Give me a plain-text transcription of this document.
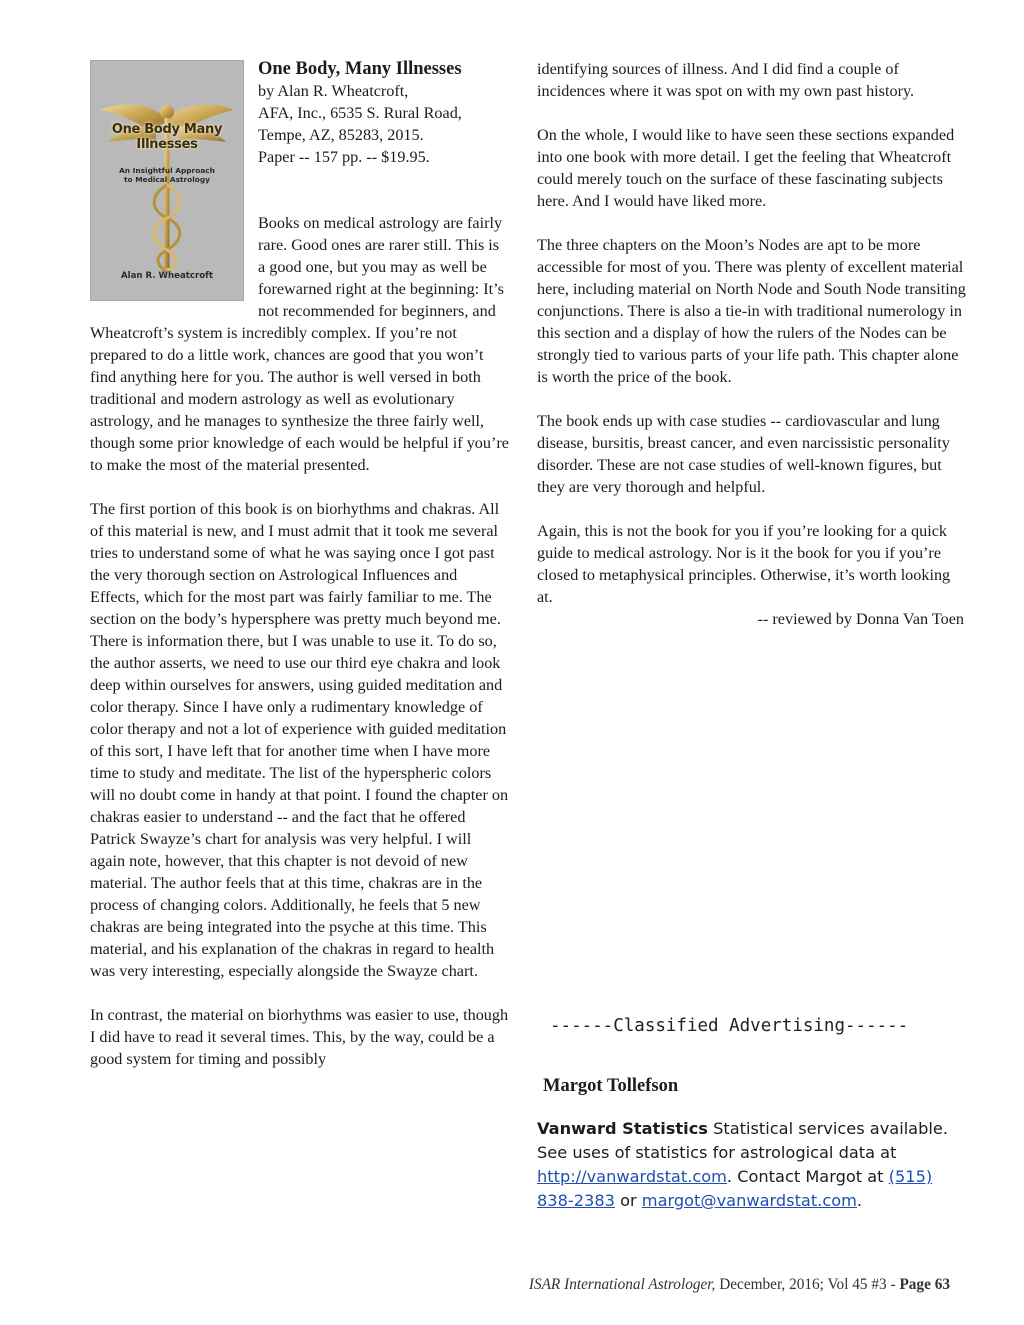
One Body Many
Illnesses
An Insightful Approach
to Medical Astrology
Alan R. Wheatcroft

One Body, Many Illnesses
by Alan R. Wheatcroft,
AFA, Inc., 6535 S. Rural Road,
Tempe, AZ, 85283, 2015.
Paper -- 157 pp. -- $19.95.

Books on medical astrology are fairly rare. Good ones are rarer still. This is a good one, but you may as well be forewarned right at the beginning: It’s not recommended for beginners, and Wheatcroft’s system is incredibly complex. If you’re not prepared to do a little work, chances are good that you won’t find anything here for you. The author is well versed in both traditional and modern astrology as well as evolutionary astrology, and he manages to synthesize the three fairly well, though some prior knowledge of each would be helpful if you’re to make the most of the material presented.

The first portion of this book is on biorhythms and chakras. All of this material is new, and I must admit that it took me several tries to understand some of what he was saying once I got past the very thorough section on Astrological Influences and Effects, which for the most part was fairly familiar to me. The section on the body’s hypersphere was pretty much beyond me. There is information there, but I was unable to use it. To do so, the author asserts, we need to use our third eye chakra and look deep within ourselves for answers, using guided meditation and color therapy. Since I have only a rudimentary knowledge of color therapy and not a lot of experience with guided meditation of this sort, I have left that for another time when I have more time to study and meditate. The list of the hyperspheric colors will no doubt come in handy at that point. I found the chapter on chakras easier to understand -- and the fact that he offered Patrick Swayze’s chart for analysis was very helpful. I will again note, however, that this chapter is not devoid of new material. The author feels that at this time, chakras are in the process of changing colors. Additionally, he feels that 5 new chakras are being integrated into the psyche at this time. This material, and his explanation of the chakras in regard to health was very interesting, especially alongside the Swayze chart.

In contrast, the material on biorhythms was easier to use, though I did have to read it several times. This, by the way, could be a good system for timing and possibly

identifying sources of illness. And I did find a couple of incidences where it was spot on with my own past history.

On the whole, I would like to have seen these sections expanded into one book with more detail. I get the feeling that Wheatcroft could merely touch on the surface of these fascinating subjects here. And I would have liked more.

The three chapters on the Moon’s Nodes are apt to be more accessible for most of you. There was plenty of excellent material here, including material on North Node and South Node transiting conjunctions. There is also a tie-in with traditional numerology in this section and a display of how the rulers of the Nodes can be strongly tied to various parts of your life path. This chapter alone is worth the price of the book.

The book ends up with case studies -- cardiovascular and lung disease, bursitis, breast cancer, and even narcissistic personality disorder. These are not case studies of well-known figures, but they are very thorough and helpful.

Again, this is not the book for you if you’re looking for a quick guide to medical astrology. Nor is it the book for you if you’re closed to metaphysical principles. Otherwise, it’s worth looking at.

-- reviewed by Donna Van Toen
------Classified Advertising------
Margot Tollefson
Vanward Statistics Statistical services available. See uses of statistics for astrological data at http://vanwardstat.com. Contact Margot at (515) 838-2383 or margot@vanwardstat.com.
ISAR International Astrologer, December, 2016; Vol 45 #3 - Page 63
